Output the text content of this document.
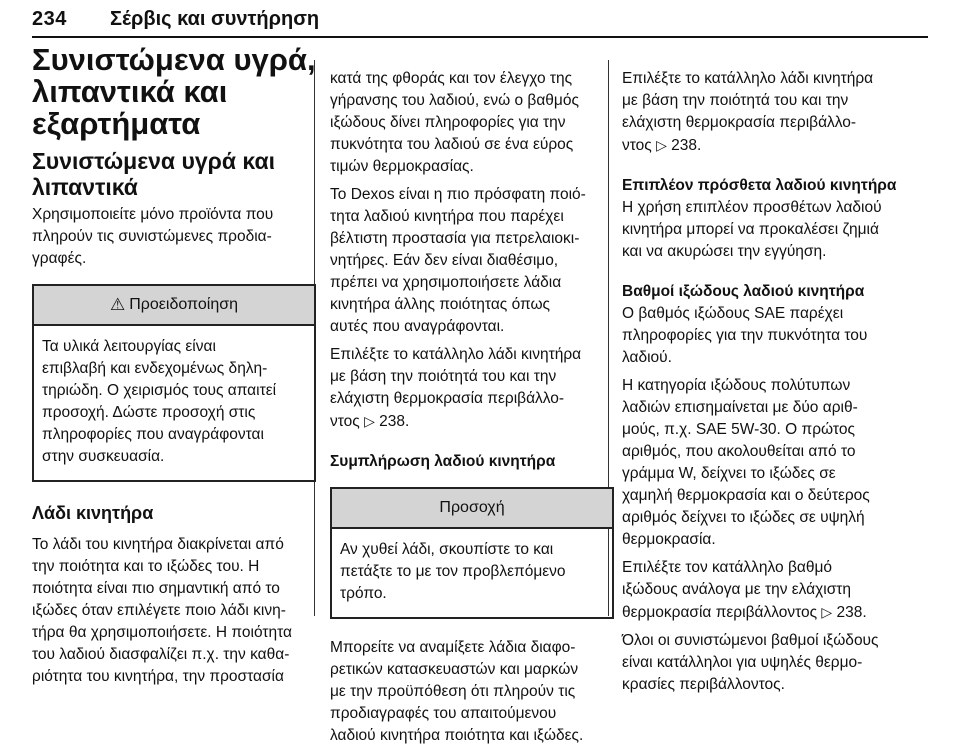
234 Σέρβις και συντήρηση
Συνιστώμενα υγρά,
λιπαντικά και
εξαρτήματα
Συνιστώμενα υγρά και
λιπαντικά

Χρησιμοποιείτε μόνο προϊόντα που

πληρούν τις συνιστώμενες προδια-

γραφές.

⚠ Προειδοποίηση

Τα υλικά λειτουργίας είναι

επιβλαβή και ενδεχομένως δηλη-

τηριώδη. Ο χειρισμός τους απαιτεί

προσοχή. Δώστε προσοχή στις

πληροφορίες που αναγράφονται

στην συσκευασία.

Λάδι κινητήρα

Το λάδι του κινητήρα διακρίνεται από

την ποιότητα και το ιξώδες του. Η

ποιότητα είναι πιο σημαντική από το

ιξώδες όταν επιλέγετε ποιο λάδι κινη-

τήρα θα χρησιμοποιήσετε. Η ποιότητα

του λαδιού διασφαλίζει π.χ. την καθα-

ριότητα του κινητήρα, την προστασία

κατά της φθοράς και τον έλεγχο της

γήρανσης του λαδιού, ενώ ο βαθμός

ιξώδους δίνει πληροφορίες για την

πυκνότητα του λαδιού σε ένα εύρος

τιμών θερμοκρασίας.

Το Dexos είναι η πιο πρόσφατη ποιό-

τητα λαδιού κινητήρα που παρέχει

βέλτιστη προστασία για πετρελαιοκι-

νητήρες. Εάν δεν είναι διαθέσιμο,

πρέπει να χρησιμοποιήσετε λάδια

κινητήρα άλλης ποιότητας όπως

αυτές που αναγράφονται.

Επιλέξτε το κατάλληλο λάδι κινητήρα

με βάση την ποιότητά του και την

ελάχιστη θερμοκρασία περιβάλλο-

ντος ▷ 238.

Συμπλήρωση λαδιού κινητήρα
Προσοχή

Αν χυθεί λάδι, σκουπίστε το και

πετάξτε το με τον προβλεπόμενο

τρόπο.

Μπορείτε να αναμίξετε λάδια διαφο-

ρετικών κατασκευαστών και μαρκών

με την προϋπόθεση ότι πληρούν τις

προδιαγραφές του απαιτούμενου

λαδιού κινητήρα ποιότητα και ιξώδες.

Επιλέξτε το κατάλληλο λάδι κινητήρα

με βάση την ποιότητά του και την

ελάχιστη θερμοκρασία περιβάλλο-

ντος ▷ 238.

Επιπλέον πρόσθετα λαδιού κινητήρα

Η χρήση επιπλέον προσθέτων λαδιού

κινητήρα μπορεί να προκαλέσει ζημιά

και να ακυρώσει την εγγύηση.

Βαθμοί ιξώδους λαδιού κινητήρα

Ο βαθμός ιξώδους SAE παρέχει

πληροφορίες για την πυκνότητα του

λαδιού.

Η κατηγορία ιξώδους πολύτυπων

λαδιών επισημαίνεται με δύο αριθ-

μούς, π.χ. SAE 5W-30. Ο πρώτος

αριθμός, που ακολουθείται από το

γράμμα W, δείχνει το ιξώδες σε

χαμηλή θερμοκρασία και ο δεύτερος

αριθμός δείχνει το ιξώδες σε υψηλή

θερμοκρασία.

Επιλέξτε τον κατάλληλο βαθμό

ιξώδους ανάλογα με την ελάχιστη

θερμοκρασία περιβάλλοντος ▷ 238.

Όλοι οι συνιστώμενοι βαθμοί ιξώδους

είναι κατάλληλοι για υψηλές θερμο-

κρασίες περιβάλλοντος.
